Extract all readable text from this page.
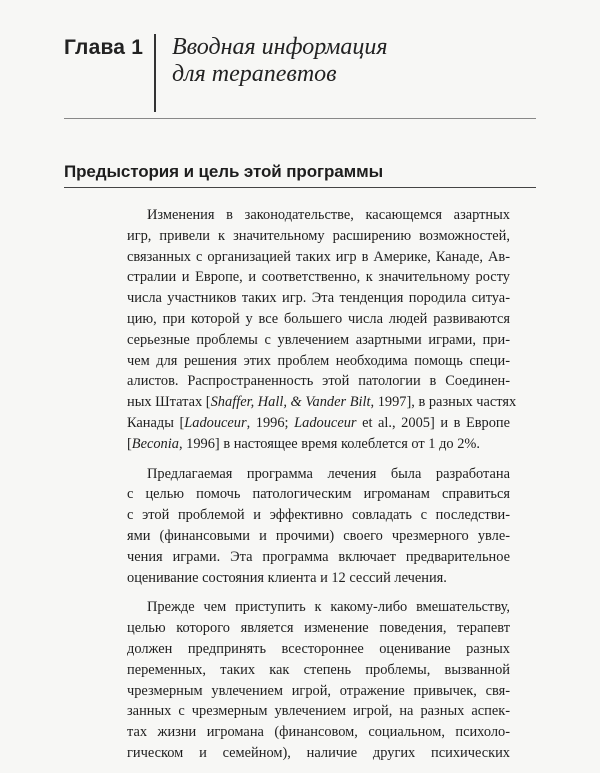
Глава 1 Вводная информация
для терапевтов
Предыстория и цель этой программы
Изменения в законодательстве, касающемся азартных
игр, привели к значительному расширению возможностей,
связанных с организацией таких игр в Америке, Канаде, Ав-
стралии и Европе, и соответственно, к значительному росту
числа участников таких игр. Эта тенденция породила ситуа-
цию, при которой у все большего числа людей развиваются
серьезные проблемы с увлечением азартными играми, при-
чем для решения этих проблем необходима помощь специ-
алистов. Распространенность этой патологии в Соединен-
ных Штатах [Shaffer, Hall, & Vander Bilt, 1997], в разных частях
Канады [Ladouceur, 1996; Ladouceur et al., 2005] и в Европе
[Beconia, 1996] в настоящее время колеблется от 1 до 2%.
Предлагаемая программа лечения была разработана
с целью помочь патологическим игроманам справиться
с этой проблемой и эффективно совладать с последстви-
ями (финансовыми и прочими) своего чрезмерного увле-
чения играми. Эта программа включает предварительное
оценивание состояния клиента и 12 сессий лечения.
Прежде чем приступить к какому-либо вмешательству,
целью которого является изменение поведения, терапевт
должен предпринять всестороннее оценивание разных
переменных, таких как степень проблемы, вызванной
чрезмерным увлечением игрой, отражение привычек, свя-
занных с чрезмерным увлечением игрой, на разных аспек-
тах жизни игромана (финансовом, социальном, психоло-
гическом и семейном), наличие других психических
